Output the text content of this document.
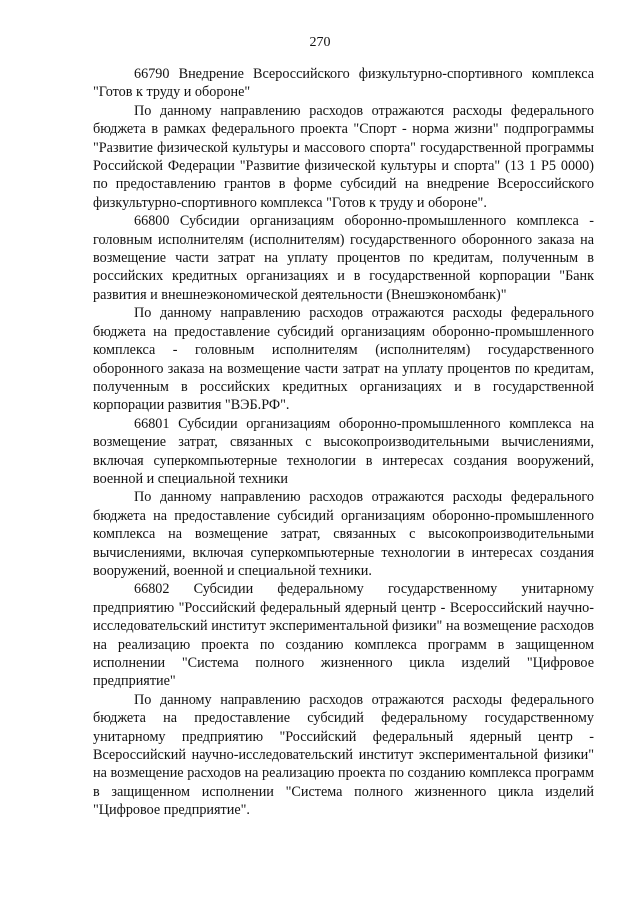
270

66790 Внедрение Всероссийского физкультурно-спортивного комплекса "Готов к труду и обороне"

По данному направлению расходов отражаются расходы федерального бюджета в рамках федерального проекта "Спорт - норма жизни" подпрограммы "Развитие физической культуры и массового спорта" государственной программы Российской Федерации "Развитие физической культуры и спорта" (13 1 P5 0000) по предоставлению грантов в форме субсидий на внедрение Всероссийского физкультурно-спортивного комплекса "Готов к труду и обороне".

66800 Субсидии организациям оборонно-промышленного комплекса - головным исполнителям (исполнителям) государственного оборонного заказа на возмещение части затрат на уплату процентов по кредитам, полученным в российских кредитных организациях и в государственной корпорации "Банк развития и внешнеэкономической деятельности (Внешэкономбанк)"

По данному направлению расходов отражаются расходы федерального бюджета на предоставление субсидий организациям оборонно-промышленного комплекса - головным исполнителям (исполнителям) государственного оборонного заказа на возмещение части затрат на уплату процентов по кредитам, полученным в российских кредитных организациях и в государственной корпорации развития "ВЭБ.РФ".

66801 Субсидии организациям оборонно-промышленного комплекса на возмещение затрат, связанных с высокопроизводительными вычислениями, включая суперкомпьютерные технологии в интересах создания вооружений, военной и специальной техники

По данному направлению расходов отражаются расходы федерального бюджета на предоставление субсидий организациям оборонно-промышленного комплекса на возмещение затрат, связанных с высокопроизводительными вычислениями, включая суперкомпьютерные технологии в интересах создания вооружений, военной и специальной техники.

66802 Субсидии федеральному государственному унитарному предприятию "Российский федеральный ядерный центр - Всероссийский научно-исследовательский институт экспериментальной физики" на возмещение расходов на реализацию проекта по созданию комплекса программ в защищенном исполнении "Система полного жизненного цикла изделий "Цифровое предприятие"

По данному направлению расходов отражаются расходы федерального бюджета на предоставление субсидий федеральному государственному унитарному предприятию "Российский федеральный ядерный центр - Всероссийский научно-исследовательский институт экспериментальной физики" на возмещение расходов на реализацию проекта по созданию комплекса программ в защищенном исполнении "Система полного жизненного цикла изделий "Цифровое предприятие".
